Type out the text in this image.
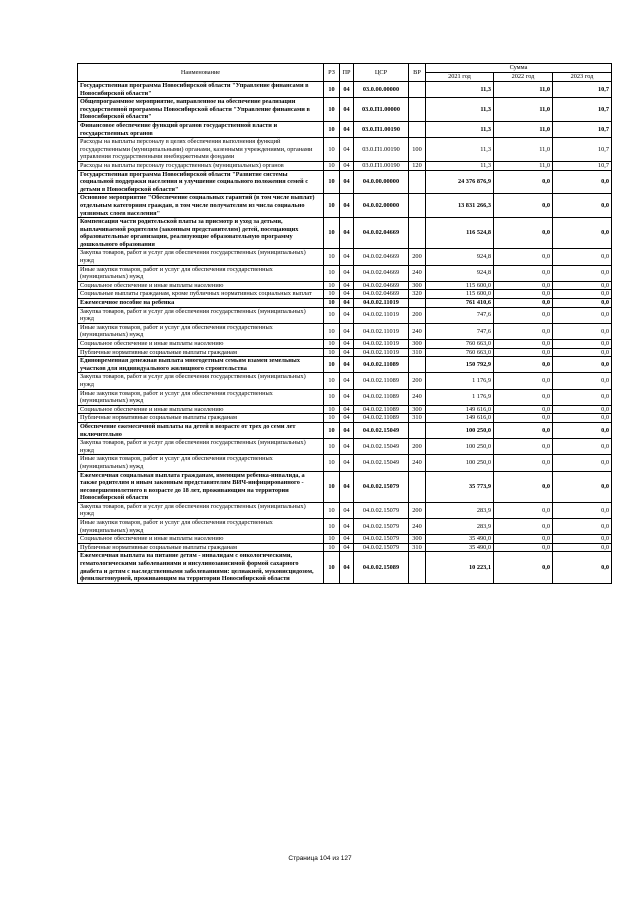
Наименование	РЗ	ПР	ЦСР	ВР	Сумма		
					2021 год	2022 год	2023 год
Государственная программа Новосибирской области "Управление финансами в Новосибирской области"	10	04	03.0.00.00000		11,3	11,0	10,7
Общепрограммное мероприятие, направленное на обеспечение реализации государственной программы Новосибирской области "Управление финансами в Новосибирской области"	10	04	03.0.П1.00000		11,3	11,0	10,7
Финансовое обеспечение функций органов государственной власти и государственных органов	10	04	03.0.П1.00190		11,3	11,0	10,7
Расходы на выплаты персоналу в целях обеспечения выполнения функций государственными (муниципальными) органами, казенными учреждениями, органами управления государственными внебюджетными фондами	10	04	03.0.П1.00190	100	11,3	11,0	10,7
Расходы на выплаты персоналу государственных (муниципальных) органов	10	04	03.0.П1.00190	120	11,3	11,0	10,7
Государственная программа Новосибирской области "Развитие системы социальной поддержки населения и улучшение социального положения семей с детьми в Новосибирской области"	10	04	04.0.00.00000		24 376 876,9	0,0	0,0
Основное мероприятие "Обеспечение социальных гарантий (в том числе выплат) отдельным категориям граждан, в том числе получателям из числа социально уязвимых слоев населения"	10	04	04.0.02.00000		13 831 266,3	0,0	0,0
Компенсация части родительской платы за присмотр и уход за детьми, выплачиваемой родителям (законным представителям) детей, посещающих образовательные организации, реализующие образовательную программу дошкольного образования	10	04	04.0.02.04669		116 524,8	0,0	0,0
Закупка товаров, работ и услуг для обеспечения государственных (муниципальных) нужд	10	04	04.0.02.04669	200	924,8	0,0	0,0
Иные закупки товаров, работ и услуг для обеспечения государственных (муниципальных) нужд	10	04	04.0.02.04669	240	924,8	0,0	0,0
Социальное обеспечение и иные выплаты населению	10	04	04.0.02.04669	300	115 600,0	0,0	0,0
Социальные выплаты гражданам, кроме публичных нормативных социальных выплат	10	04	04.0.02.04669	320	115 600,0	0,0	0,0
Ежемесячное пособие на ребенка	10	04	04.0.02.11019		761 410,6	0,0	0,0
Закупка товаров, работ и услуг для обеспечения государственных (муниципальных) нужд	10	04	04.0.02.11019	200	747,6	0,0	0,0
Иные закупки товаров, работ и услуг для обеспечения государственных (муниципальных) нужд	10	04	04.0.02.11019	240	747,6	0,0	0,0
Социальное обеспечение и иные выплаты населению	10	04	04.0.02.11019	300	760 663,0	0,0	0,0
Публичные нормативные социальные выплаты гражданам	10	04	04.0.02.11019	310	760 663,0	0,0	0,0
Единовременная денежная выплата многодетным семьям взамен земельных участков для индивидуального жилищного строительства	10	04	04.0.02.11089		150 792,9	0,0	0,0
Закупка товаров, работ и услуг для обеспечения государственных (муниципальных) нужд	10	04	04.0.02.11089	200	1 176,9	0,0	0,0
Иные закупки товаров, работ и услуг для обеспечения государственных (муниципальных) нужд	10	04	04.0.02.11089	240	1 176,9	0,0	0,0
Социальное обеспечение и иные выплаты населению	10	04	04.0.02.11089	300	149 616,0	0,0	0,0
Публичные нормативные социальные выплаты гражданам	10	04	04.0.02.11089	310	149 616,0	0,0	0,0
Обеспечение ежемесячной выплаты на детей в возрасте от трех до семи лет включительно	10	04	04.0.02.15049		100 250,0	0,0	0,0
Закупка товаров, работ и услуг для обеспечения государственных (муниципальных) нужд	10	04	04.0.02.15049	200	100 250,0	0,0	0,0
Иные закупки товаров, работ и услуг для обеспечения государственных (муниципальных) нужд	10	04	04.0.02.15049	240	100 250,0	0,0	0,0
Ежемесячная социальная выплата гражданам, имеющим ребенка-инвалида, а также родителям и иным законным представителям ВИЧ-инфицированного - несовершеннолетнего в возрасте до 18 лет, проживающим на территории Новосибирской области	10	04	04.0.02.15079		35 773,9	0,0	0,0
Закупка товаров, работ и услуг для обеспечения государственных (муниципальных) нужд	10	04	04.0.02.15079	200	283,9	0,0	0,0
Иные закупки товаров, работ и услуг для обеспечения государственных (муниципальных) нужд	10	04	04.0.02.15079	240	283,9	0,0	0,0
Социальное обеспечение и иные выплаты населению	10	04	04.0.02.15079	300	35 490,0	0,0	0,0
Публичные нормативные социальные выплаты гражданам	10	04	04.0.02.15079	310	35 490,0	0,0	0,0
Ежемесячная выплата на питание детям - инвалидам с онкологическими, гематологическими заболеваниями и инсулинозависимой формой сахарного диабета и детям с наследственными заболеваниями: целиакией, муковисцидозом, фенилкетонурией, проживающим на территории Новосибирской области	10	04	04.0.02.15089		10 223,1	0,0	0,0
Страница 104 из 127
